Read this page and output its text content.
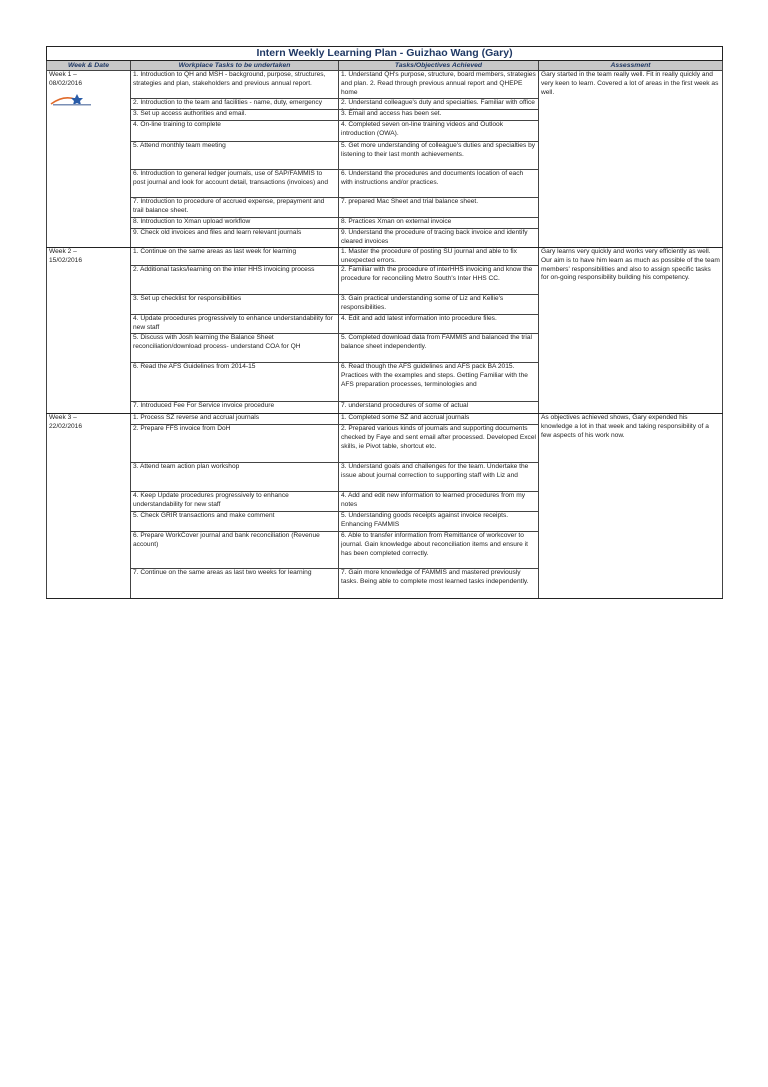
Intern Weekly Learning Plan - Guizhao Wang (Gary)			
Week & Date	Workplace Tasks to be undertaken	Tasks/Objectives Achieved	Assessment

Week 1 –
08/02/2016	1. Introduction to QH and MSH - background, purpose, structures, strategies and plan, stakeholders and previous annual report.	1. Understand QH's purpose, structure, board members, strategies and plan. 2. Read through previous annual report and QHEPE home	Gary started in the team really well. Fit in really quickly and very keen to learn. Covered a lot of areas in the first week as well.

	2. Introduction to the team and facilities - name, duty, emergency	2. Understand colleague's duty and specialties. Familiar with office	

	3. Set up access authorities and email.	3. Email and access has been set.	

	4. On-line training to complete	4. Completed seven on-line training videos and Outlook introduction (OWA).	

	5. Attend monthly team meeting	5. Get more understanding of colleague's duties and specialties by listening to their last month achievements.	

	6. Introduction to general ledger journals, use of SAP/FAMMIS to post journal and look for account detail, transactions (invoices) and	6. Understand the procedures and documents location of each with instructions and/or practices.	

	7. Introduction to procedure of accrued expense, prepayment and trail balance sheet.	7. prepared Mac Sheet and trial balance sheet.	

	8. Introduction to Xman upload workflow	8. Practices Xman on external invoice	

	9. Check old invoices and files and learn relevant journals	9. Understand the procedure of tracing back invoice and identify cleared invoices	

Week 2 –
15/02/2016	1. Continue on the same areas as last week for learning	1. Master the procedure of posting SU journal and able to fix unexpected errors.	Gary learns very quickly and works very efficiently as well. Our aim is to have him learn as much as possible of the team members' responsibilities and also to assign specific tasks for on-going responsibility building his competency.

	2. Additional tasks/learning on the inter HHS invoicing process	2. Familiar with the procedure of interHHS invoicing and know the procedure for reconciling Metro South's Inter HHS CC.	

	3. Set up checklist for responsibilities	3. Gain practical understanding some of Liz and Kellie's responsibilities.	

	4. Update procedures progressively to enhance understandability for new staff	4. Edit and add latest information into procedure files.	

	5. Discuss with Josh learning the Balance Sheet reconciliation/download process- understand COA for QH	5. Completed download data from FAMMIS and balanced the trial balance sheet independently.	

	6. Read the AFS Guidelines from 2014-15	6. Read though the AFS guidelines and AFS pack BA 2015. Practices with the examples and steps. Getting Familiar with the AFS preparation processes, terminologies and	

	7. Introduced Fee For Service invoice procedure	7. understand procedures of some of actual	

Week 3 –
22/02/2016	1. Process SZ reverse and accrual journals	1. Completed some SZ and accrual journals	As objectives achieved shows, Gary expended his knowledge a lot in that week and taking responsibility of a few aspects of his work now.

	2. Prepare FFS invoice from DoH	2. Prepared various kinds of journals and supporting documents checked by Faye and sent email after processed. Developed Excel skills, ie Pivot table, shortcut etc.	

	3. Attend team action plan workshop	3. Understand goals and challenges for the team. Undertake the issue about journal correction to supporting staff with Liz and	

	4. Keep Update procedures progressively to enhance understandability for new staff	4. Add and edit new information to learned procedures from my notes	

	5. Check GRIR transactions and make comment	5. Understanding goods receipts against invoice receipts. Enhancing FAMMIS	

	6. Prepare WorkCover journal and bank reconciliation (Revenue account)	6. Able to transfer information from Remittance of workcover to journal. Gain knowledge about reconciliation items and ensure it has been completed correctly.	

	7. Continue on the same areas as last two weeks for learning	7. Gain more knowledge of FAMMIS and mastered previously tasks. Being able to complete most learned tasks independently.	
